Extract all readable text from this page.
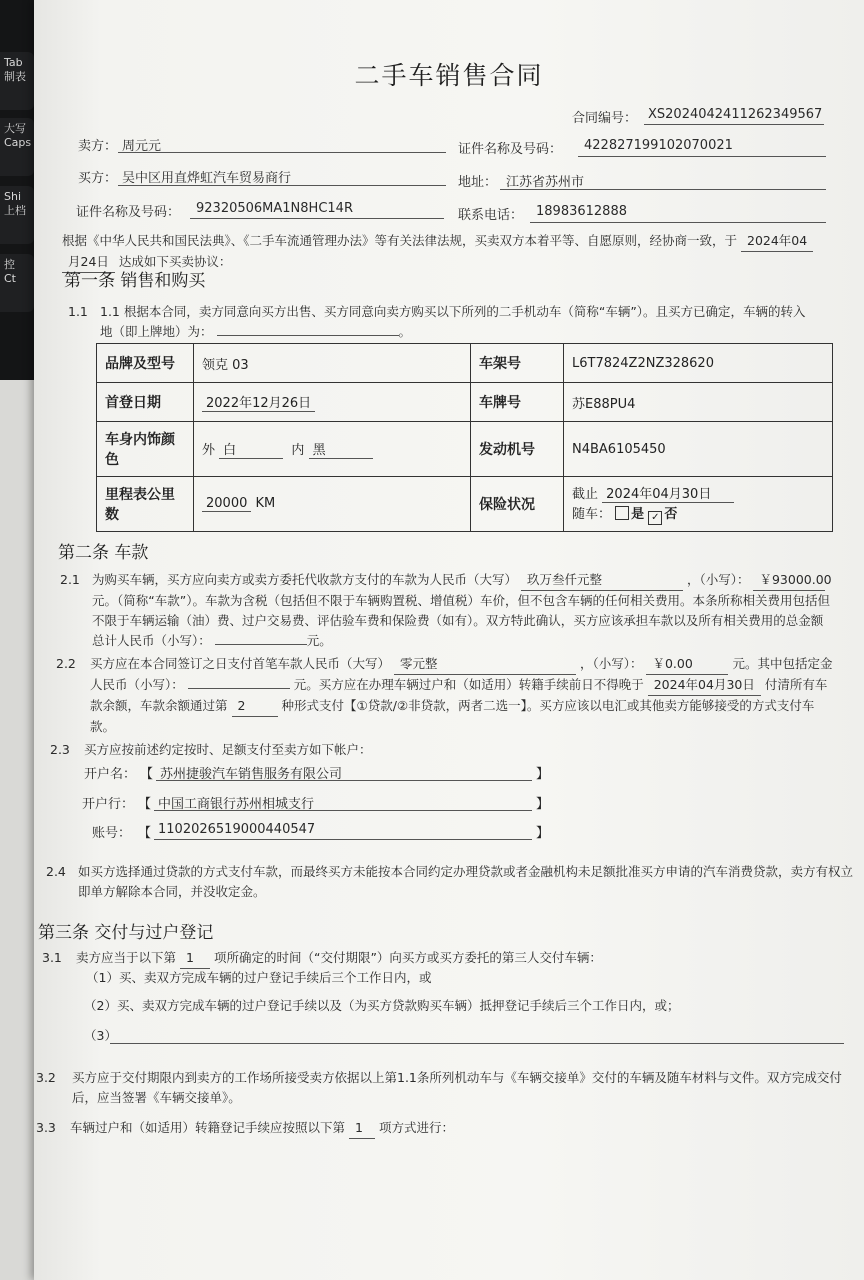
Tab
制表
大写
Caps
Shi
上档
控
Ct
二手车销售合同
合同编号： XS2024042411262349567
卖方： 周元元	证件名称及号码： 422827199102070021
买方： 吴中区用直烨虹汽车贸易商行	地址： 江苏省苏州市
证件名称及号码： 92320506MA1N8HC14R	联系电话： 18983612888
根据《中华人民共和国民法典》、《二手车流通管理办法》等有关法律法规，买卖双方本着平等、自愿原则，经协商一致，于 2024年04
月24日 达成如下买卖协议：
第一条 销售和购买
1.1 1.1 根据本合同，卖方同意向买方出售、买方同意向卖方购买以下所列的二手机动车（简称“车辆”）。且买方已确定，车辆的转入
地（即上牌地）为：	。
品牌及型号	领克 03	车架号	L6T7824Z2NZ328620
首登日期	2022年12月26日	车牌号	苏E88PU4
车身内饰颜色	外 白 内 黑	发动机号	N4BA6105450
里程表公里数	20000 KM	保险状况	截止 2024年04月30日
随车： 是 ✓ 否
第二条 车款
2.1 为购买车辆，买方应向卖方或卖方委托代收款方支付的车款为人民币（大写） 玖万叁仟元整	，（小写）： ￥93000.00 元。（简称“车款”）。车款为含税（包括但不限于车辆购置税、增值税）车价，但不包含车辆的任何相关费用。本条所称相关费用包括但不限于车辆运输（油）费、过户交易费、评估验车费和保险费（如有）。双方特此确认，买方应该承担车款以及所有相关费用的总金额总计人民币（小写）：	元。
2.2 买方应在本合同签订之日支付首笔车款人民币（大写） 零元整	，（小写）： ￥0.00	元。其中包括定金人民币（小写）：	元。买方应在办理车辆过户和（如适用）转籍手续前日不得晚于 2024年04月30日 付清所有车款余额，车款余额通过第 2	种形式支付【①贷款/②非贷款，两者二选一】。买方应该以电汇或其他卖方能够接受的方式支付车款。
2.3 买方应按前述约定按时、足额支付至卖方如下帐户：
开户名： 【 苏州捷骏汽车销售服务有限公司	】
开户行： 【 中国工商银行苏州相城支行	】
账号： 【 1102026519000440547	】
2.4 如买方选择通过贷款的方式支付车款，而最终买方未能按本合同约定办理贷款或者金融机构未足额批准买方申请的汽车消费贷款，卖方有权立即单方解除本合同，并没收定金。
第三条 交付与过户登记
3.1 卖方应当于以下第 1 项所确定的时间（“交付期限”）向买方或买方委托的第三人交付车辆：
（1）买、卖双方完成车辆的过户登记手续后三个工作日内，或
（2）买、卖双方完成车辆的过户登记手续以及（为买方贷款购买车辆）抵押登记手续后三个工作日内，或；
（3）
3.2 买方应于交付期限内到卖方的工作场所接受卖方依据以上第1.1条所列机动车与《车辆交接单》交付的车辆及随车材料与文件。双方完成交付后，应当签署《车辆交接单》。
3.3 车辆过户和（如适用）转籍登记手续应按照以下第 1 项方式进行：
